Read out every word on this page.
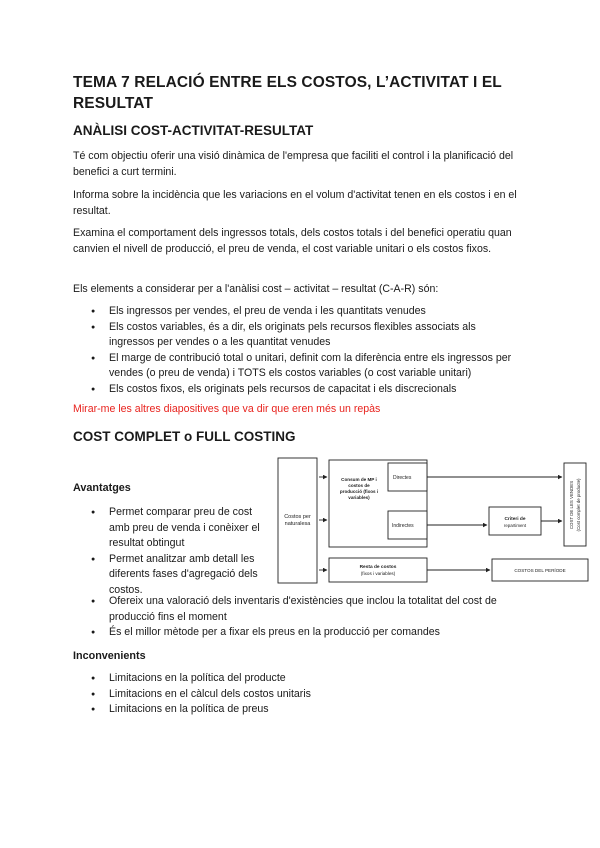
TEMA 7 RELACIÓ ENTRE ELS COSTOS, L’ACTIVITAT I EL RESULTAT
ANÀLISI COST-ACTIVITAT-RESULTAT

Té com objectiu oferir una visió dinàmica de l'empresa que faciliti el control i la planificació del benefici a curt termini.

Informa sobre la incidència que les variacions en el volum d'activitat tenen en els costos i en el resultat.

Examina el comportament dels ingressos totals, dels costos totals i del benefici operatiu quan canvien el nivell de producció, el preu de venda, el cost variable unitari o els costos fixos.

Els elements a considerar per a l'anàlisi cost – activitat – resultat (C-A-R) són:

● Els ingressos per vendes, el preu de venda i les quantitats venudes
● Els costos variables, és a dir, els originats pels recursos flexibles associats als ingressos per vendes o a les quantitat venudes
● El marge de contribució total o unitari, definit com la diferència entre els ingressos per vendes (o preu de venda) i TOTS els costos variables (o cost variable unitari)
● Els costos fixos, els originats pels recursos de capacitat i els discrecionals

Mirar-me les altres diapositives que va dir que eren més un repàs

COST COMPLET o FULL COSTING
Avantatges
● Permet comparar preu de cost amb preu de venda i conèixer el resultat obtingut
● Permet analitzar amb detall les diferents fases d'agregació dels costos.
● Ofereix una valoració dels inventaris d'existències que inclou la totalitat del cost de producció fins el moment
● És el millor mètode per a fixar els preus en la producció per comandes
Inconvenients
● Limitacions en la política del producte
● Limitacions en el càlcul dels costos unitaris
● Limitacions en la política de preus
Costos per
naturalesa
Consum de MP i
costos de
producció (fixos i
variables)
Directes
Indirectes
Criteri de
repartiment	COST DE LES VENDES (Cost complet de producte)
Resta de costos
(fixos i variables)
COSTOS DEL PERÍODE
